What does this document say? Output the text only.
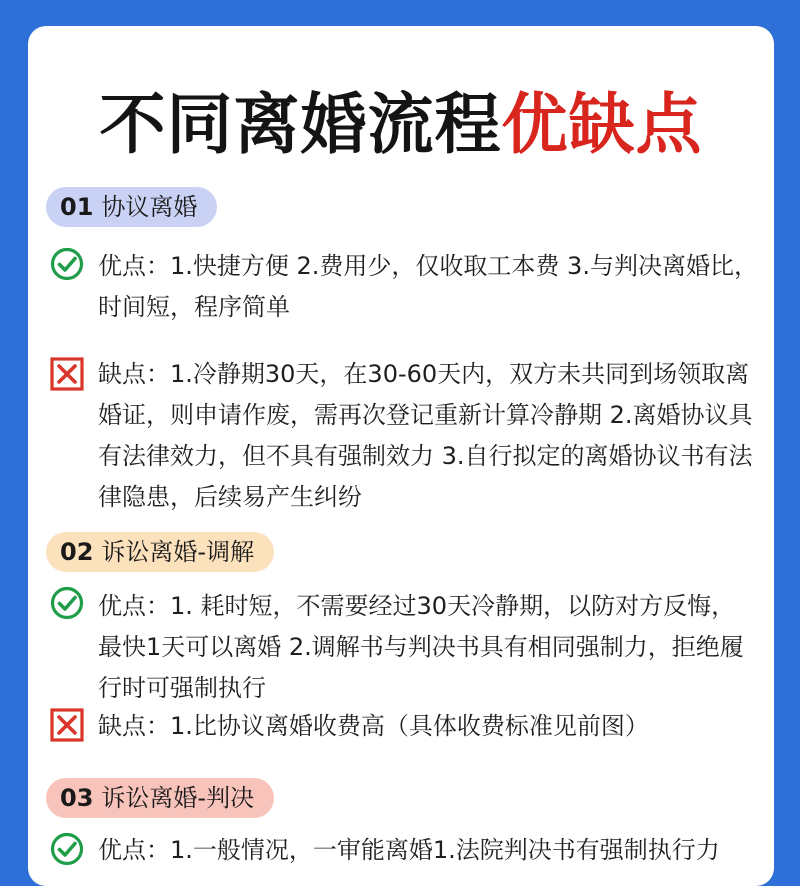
不同离婚流程优缺点
01 协议离婚
优点：1.快捷方便 2.费用少，仅收取工本费 3.与判决离婚比，时间短，程序简单
缺点：1.冷静期30天，在30-60天内，双方未共同到场领取离婚证，则申请作废，需再次登记重新计算冷静期 2.离婚协议具有法律效力，但不具有强制效力 3.自行拟定的离婚协议书有法律隐患，后续易产生纠纷
02 诉讼离婚-调解
优点：1. 耗时短，不需要经过30天冷静期，以防对方反悔，最快1天可以离婚 2.调解书与判决书具有相同强制力，拒绝履行时可强制执行
缺点：1.比协议离婚收费高（具体收费标准见前图）
03 诉讼离婚-判决
优点：1.一般情况，一审能离婚1.法院判决书有强制执行力
